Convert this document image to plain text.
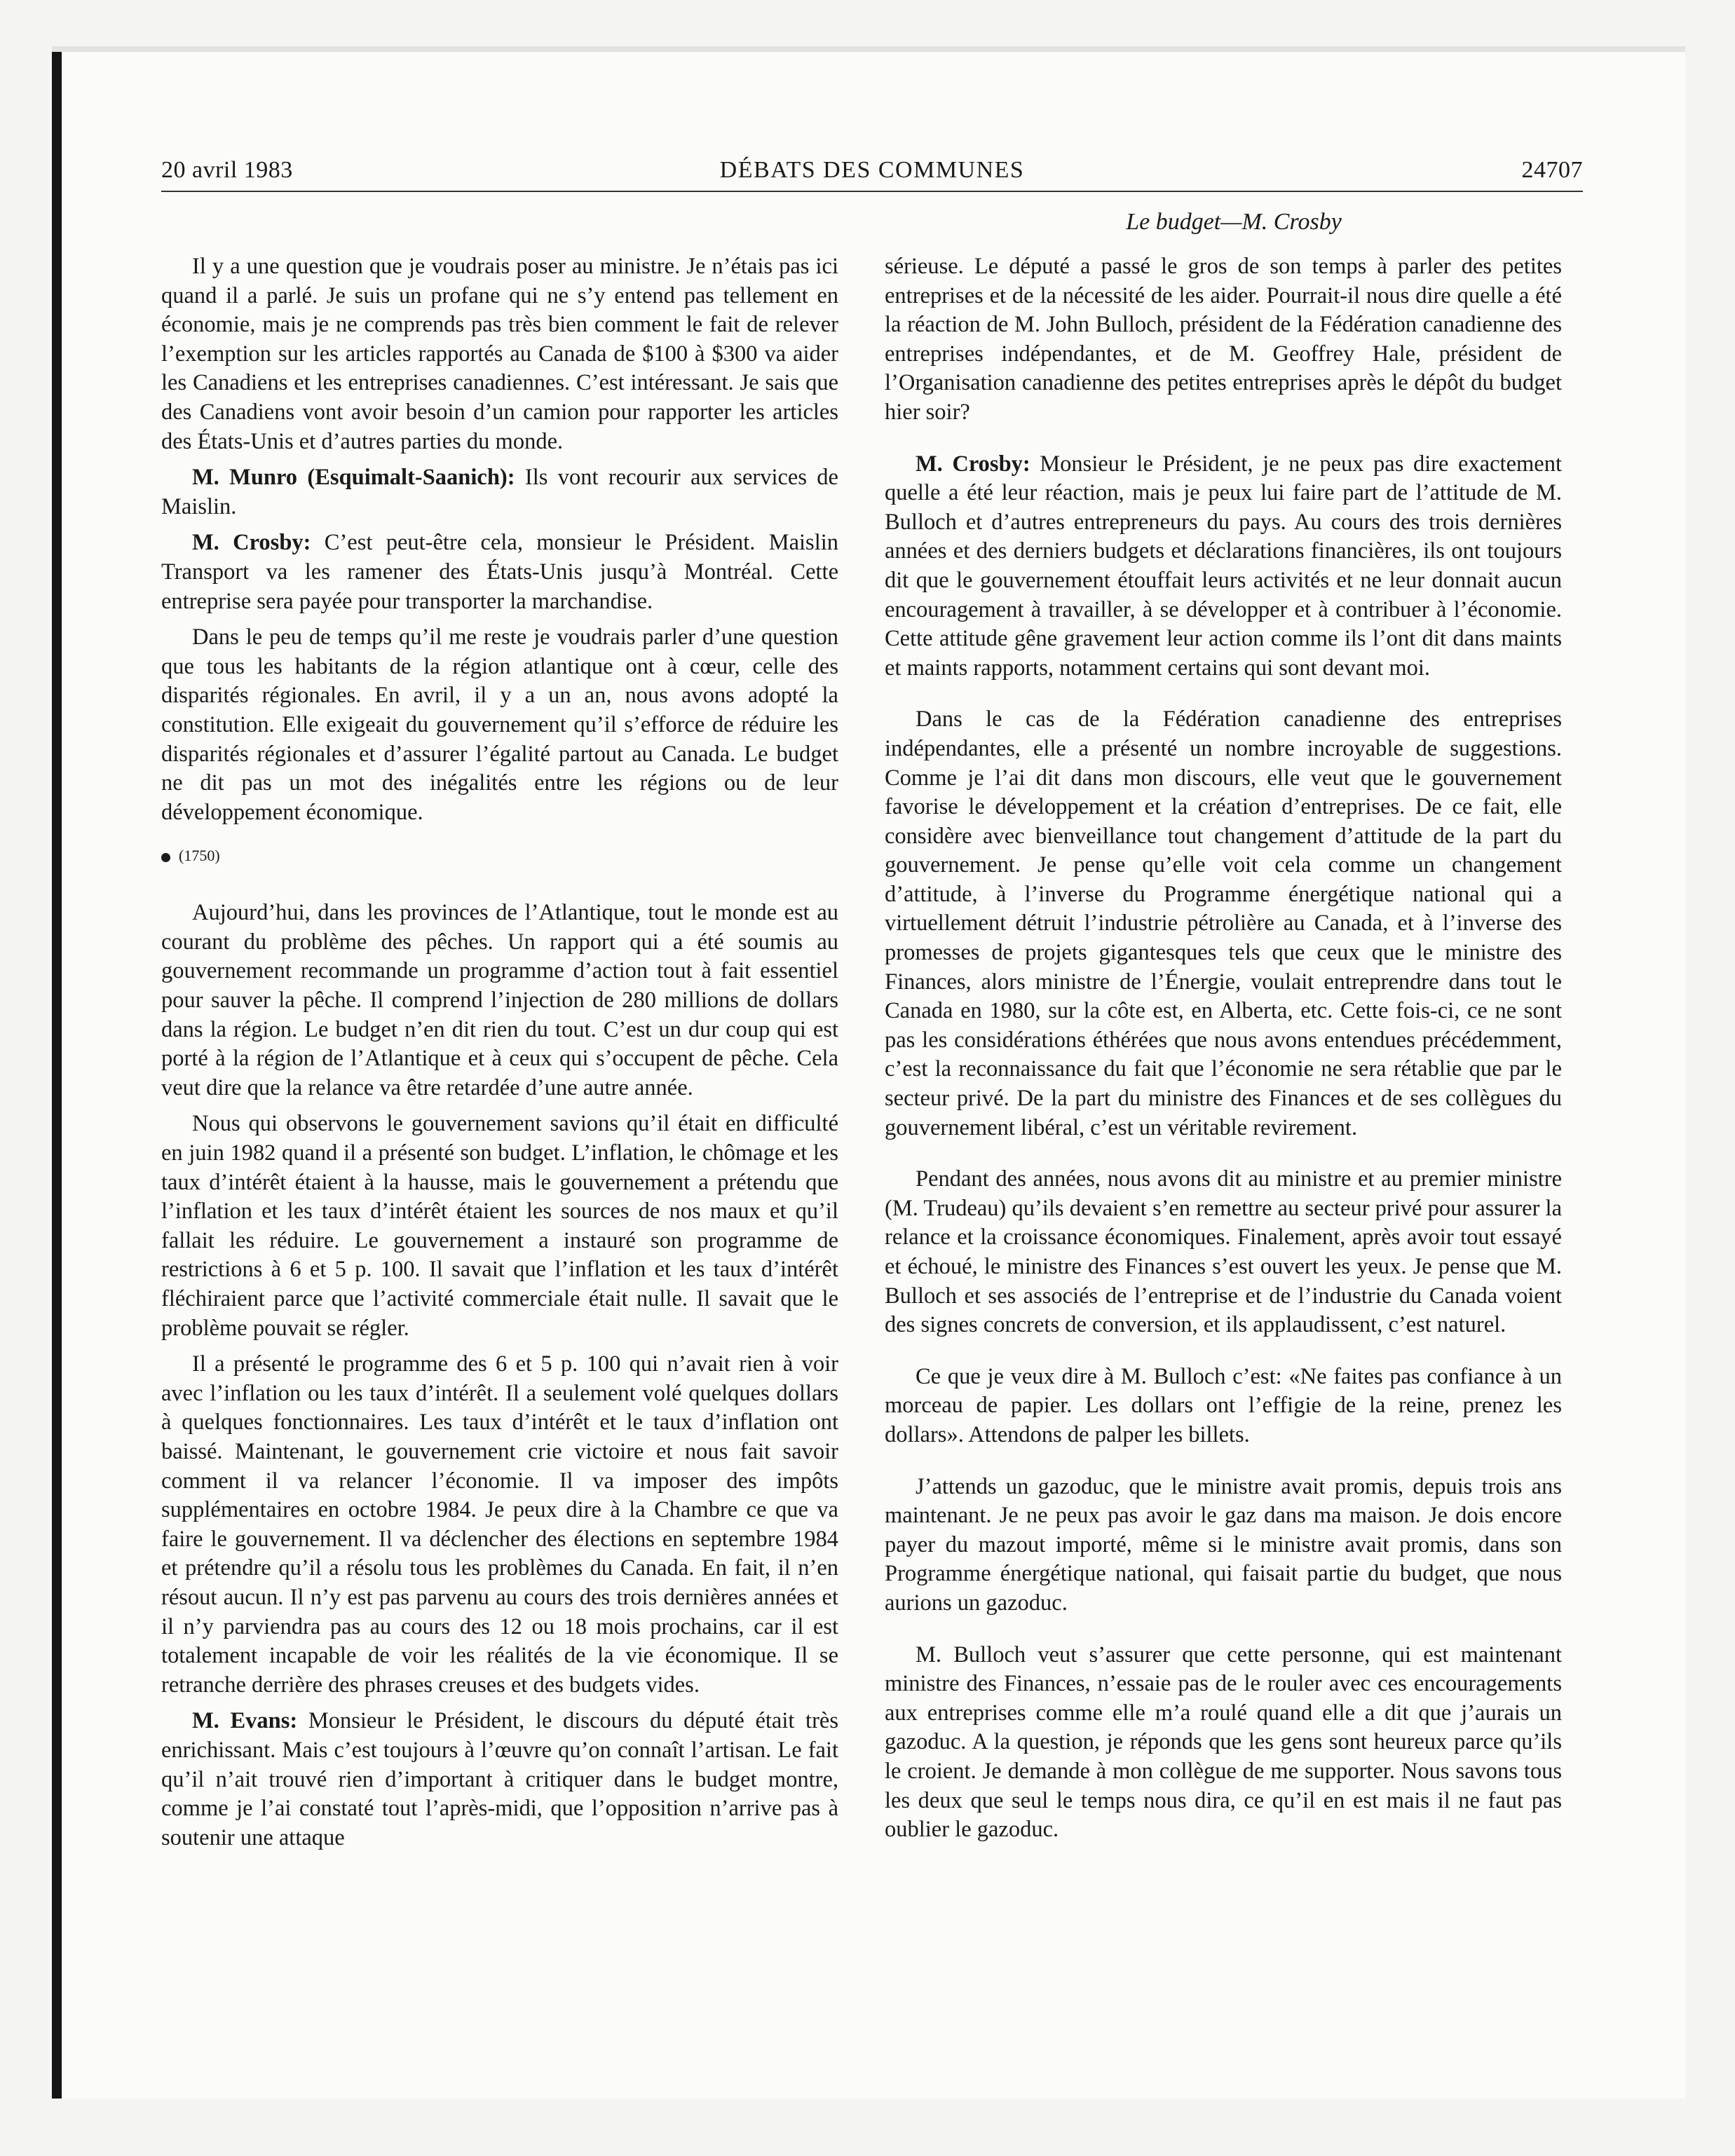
20 avril 1983	DÉBATS DES COMMUNES	24707
Le budget—M. Crosby

Il y a une question que je voudrais poser au ministre. Je n’étais pas ici quand il a parlé. Je suis un profane qui ne s’y entend pas tellement en économie, mais je ne comprends pas très bien comment le fait de relever l’exemption sur les articles rapportés au Canada de $100 à $300 va aider les Canadiens et les entreprises canadiennes. C’est intéressant. Je sais que des Canadiens vont avoir besoin d’un camion pour rapporter les articles des États-Unis et d’autres parties du monde.

M. Munro (Esquimalt-Saanich): Ils vont recourir aux services de Maislin.

M. Crosby: C’est peut-être cela, monsieur le Président. Maislin Transport va les ramener des États-Unis jusqu’à Montréal. Cette entreprise sera payée pour transporter la marchandise.

Dans le peu de temps qu’il me reste je voudrais parler d’une question que tous les habitants de la région atlantique ont à cœur, celle des disparités régionales. En avril, il y a un an, nous avons adopté la constitution. Elle exigeait du gouvernement qu’il s’efforce de réduire les disparités régionales et d’assurer l’égalité partout au Canada. Le budget ne dit pas un mot des inégalités entre les régions ou de leur développement économique.

(1750)

Aujourd’hui, dans les provinces de l’Atlantique, tout le monde est au courant du problème des pêches. Un rapport qui a été soumis au gouvernement recommande un programme d’action tout à fait essentiel pour sauver la pêche. Il comprend l’injection de 280 millions de dollars dans la région. Le budget n’en dit rien du tout. C’est un dur coup qui est porté à la région de l’Atlantique et à ceux qui s’occupent de pêche. Cela veut dire que la relance va être retardée d’une autre année.

Nous qui observons le gouvernement savions qu’il était en difficulté en juin 1982 quand il a présenté son budget. L’inflation, le chômage et les taux d’intérêt étaient à la hausse, mais le gouvernement a prétendu que l’inflation et les taux d’intérêt étaient les sources de nos maux et qu’il fallait les réduire. Le gouvernement a instauré son programme de restrictions à 6 et 5 p. 100. Il savait que l’inflation et les taux d’intérêt fléchiraient parce que l’activité commerciale était nulle. Il savait que le problème pouvait se régler.

Il a présenté le programme des 6 et 5 p. 100 qui n’avait rien à voir avec l’inflation ou les taux d’intérêt. Il a seulement volé quelques dollars à quelques fonctionnaires. Les taux d’intérêt et le taux d’inflation ont baissé. Maintenant, le gouvernement crie victoire et nous fait savoir comment il va relancer l’économie. Il va imposer des impôts supplémentaires en octobre 1984. Je peux dire à la Chambre ce que va faire le gouvernement. Il va déclencher des élections en septembre 1984 et prétendre qu’il a résolu tous les problèmes du Canada. En fait, il n’en résout aucun. Il n’y est pas parvenu au cours des trois dernières années et il n’y parviendra pas au cours des 12 ou 18 mois prochains, car il est totalement incapable de voir les réalités de la vie économique. Il se retranche derrière des phrases creuses et des budgets vides.

M. Evans: Monsieur le Président, le discours du député était très enrichissant. Mais c’est toujours à l’œuvre qu’on connaît l’artisan. Le fait qu’il n’ait trouvé rien d’important à critiquer dans le budget montre, comme je l’ai constaté tout l’après-midi, que l’opposition n’arrive pas à soutenir une attaque

sérieuse. Le député a passé le gros de son temps à parler des petites entreprises et de la nécessité de les aider. Pourrait-il nous dire quelle a été la réaction de M. John Bulloch, président de la Fédération canadienne des entreprises indépendantes, et de M. Geoffrey Hale, président de l’Organisation canadienne des petites entreprises après le dépôt du budget hier soir?

M. Crosby: Monsieur le Président, je ne peux pas dire exactement quelle a été leur réaction, mais je peux lui faire part de l’attitude de M. Bulloch et d’autres entrepreneurs du pays. Au cours des trois dernières années et des derniers budgets et déclarations financières, ils ont toujours dit que le gouvernement étouffait leurs activités et ne leur donnait aucun encouragement à travailler, à se développer et à contribuer à l’économie. Cette attitude gêne gravement leur action comme ils l’ont dit dans maints et maints rapports, notamment certains qui sont devant moi.

Dans le cas de la Fédération canadienne des entreprises indépendantes, elle a présenté un nombre incroyable de suggestions. Comme je l’ai dit dans mon discours, elle veut que le gouvernement favorise le développement et la création d’entreprises. De ce fait, elle considère avec bienveillance tout changement d’attitude de la part du gouvernement. Je pense qu’elle voit cela comme un changement d’attitude, à l’inverse du Programme énergétique national qui a virtuellement détruit l’industrie pétrolière au Canada, et à l’inverse des promesses de projets gigantesques tels que ceux que le ministre des Finances, alors ministre de l’Énergie, voulait entreprendre dans tout le Canada en 1980, sur la côte est, en Alberta, etc. Cette fois-ci, ce ne sont pas les considérations éthérées que nous avons entendues précédemment, c’est la reconnaissance du fait que l’économie ne sera rétablie que par le secteur privé. De la part du ministre des Finances et de ses collègues du gouvernement libéral, c’est un véritable revirement.

Pendant des années, nous avons dit au ministre et au premier ministre (M. Trudeau) qu’ils devaient s’en remettre au secteur privé pour assurer la relance et la croissance économiques. Finalement, après avoir tout essayé et échoué, le ministre des Finances s’est ouvert les yeux. Je pense que M. Bulloch et ses associés de l’entreprise et de l’industrie du Canada voient des signes concrets de conversion, et ils applaudissent, c’est naturel.

Ce que je veux dire à M. Bulloch c’est: «Ne faites pas confiance à un morceau de papier. Les dollars ont l’effigie de la reine, prenez les dollars». Attendons de palper les billets.

J’attends un gazoduc, que le ministre avait promis, depuis trois ans maintenant. Je ne peux pas avoir le gaz dans ma maison. Je dois encore payer du mazout importé, même si le ministre avait promis, dans son Programme énergétique national, qui faisait partie du budget, que nous aurions un gazoduc.

M. Bulloch veut s’assurer que cette personne, qui est maintenant ministre des Finances, n’essaie pas de le rouler avec ces encouragements aux entreprises comme elle m’a roulé quand elle a dit que j’aurais un gazoduc. A la question, je réponds que les gens sont heureux parce qu’ils le croient. Je demande à mon collègue de me supporter. Nous savons tous les deux que seul le temps nous dira, ce qu’il en est mais il ne faut pas oublier le gazoduc.
